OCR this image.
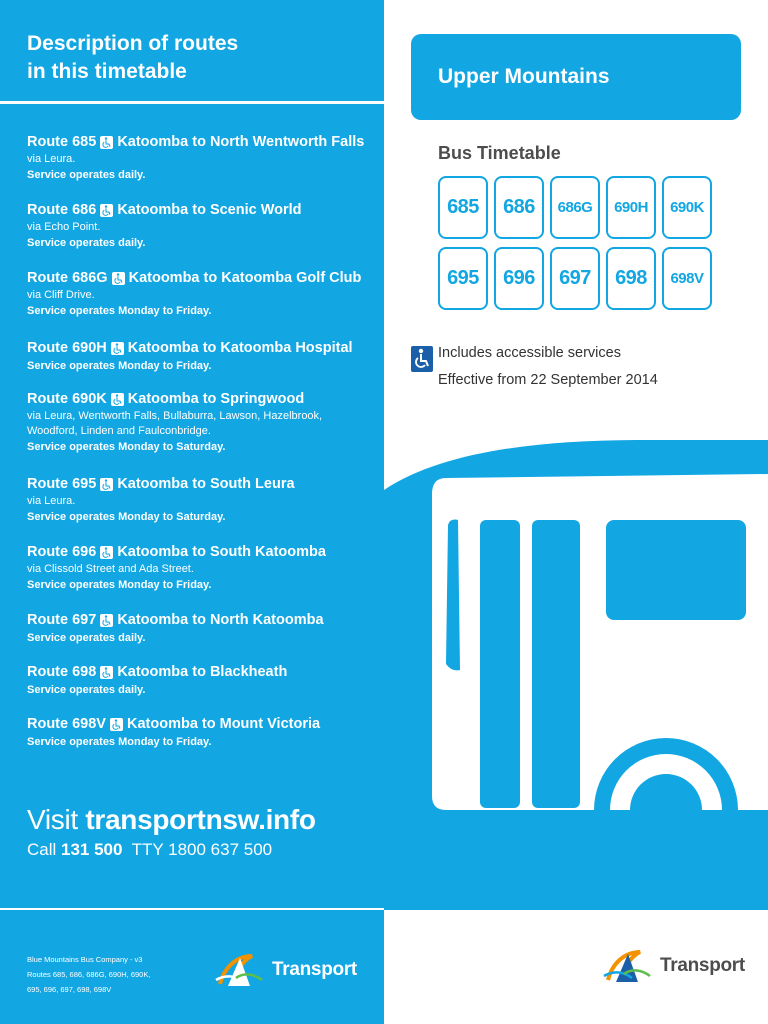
Description of routes
in this timetable
Route 685 Katoomba to North Wentworth Falls
via Leura.
Service operates daily.
Route 686 Katoomba to Scenic World
via Echo Point.
Service operates daily.
Route 686G Katoomba to Katoomba Golf Club
via Cliff Drive.
Service operates Monday to Friday.
Route 690H Katoomba to Katoomba Hospital
Service operates Monday to Friday.
Route 690K Katoomba to Springwood
via Leura, Wentworth Falls, Bullaburra, Lawson, Hazelbrook,
Woodford, Linden and Faulconbridge.
Service operates Monday to Saturday.
Route 695 Katoomba to South Leura
via Leura.
Service operates Monday to Saturday.
Route 696 Katoomba to South Katoomba
via Clissold Street and Ada Street.
Service operates Monday to Friday.
Route 697 Katoomba to North Katoomba
Service operates daily.
Route 698 Katoomba to Blackheath
Service operates daily.
Route 698V Katoomba to Mount Victoria
Service operates Monday to Friday.
Visit transportnsw.info
Call 131 500 TTY 1800 637 500
Blue Mountains Bus Company - v3
Routes 685, 686, 686G, 690H, 690K,
695, 696, 697, 698, 698V
Transport
Upper Mountains
Bus Timetable
685	686	686G	690H	690K
695	696	697	698	698V
Includes accessible services
Effective from 22 September 2014
Transport
